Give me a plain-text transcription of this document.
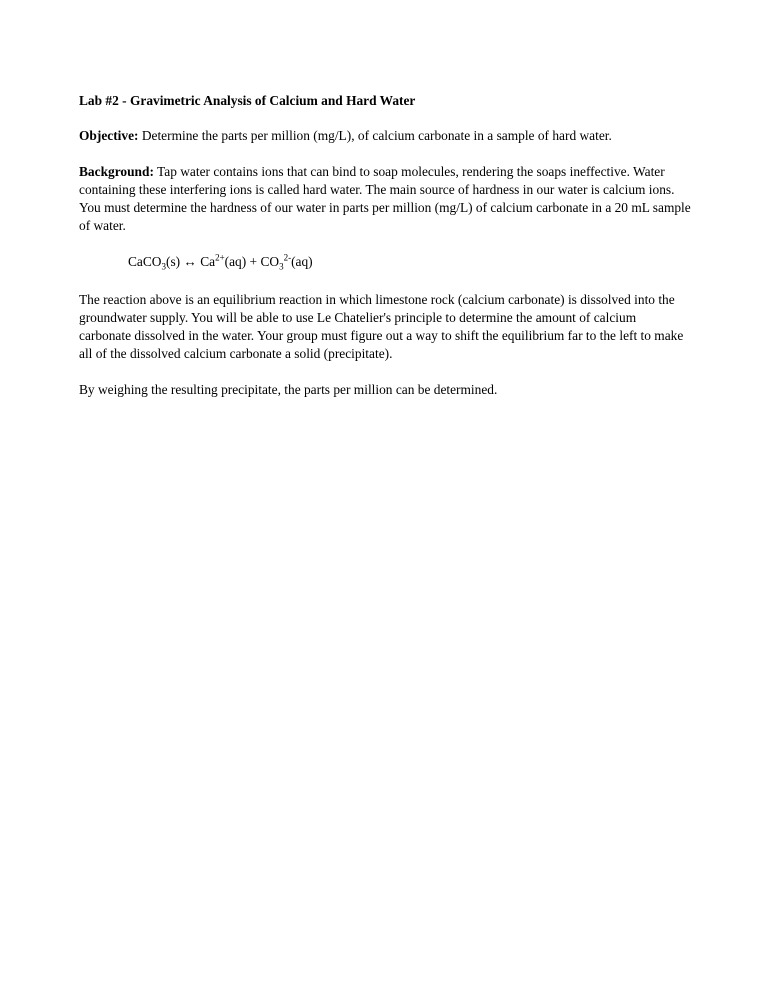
Lab #2 - Gravimetric Analysis of Calcium and Hard Water

Objective: Determine the parts per million (mg/L), of calcium carbonate in a sample of hard water.

Background: Tap water contains ions that can bind to soap molecules, rendering the soaps ineffective. Water containing these interfering ions is called hard water. The main source of hardness in our water is calcium ions. You must determine the hardness of our water in parts per million (mg/L) of calcium carbonate in a 20 mL sample of water.

CaCO$_3$(s) ↔ $Ca^{2+}(aq) + CO_3^{2-}(aq)$

The reaction above is an equilibrium reaction in which limestone rock (calcium carbonate) is dissolved into the groundwater supply. You will be able to use Le Chatelier's principle to determine the amount of calcium carbonate dissolved in the water. Your group must figure out a way to shift the equilibrium far to the left to make all of the dissolved calcium carbonate a solid (precipitate).

By weighing the resulting precipitate, the parts per million can be determined.
